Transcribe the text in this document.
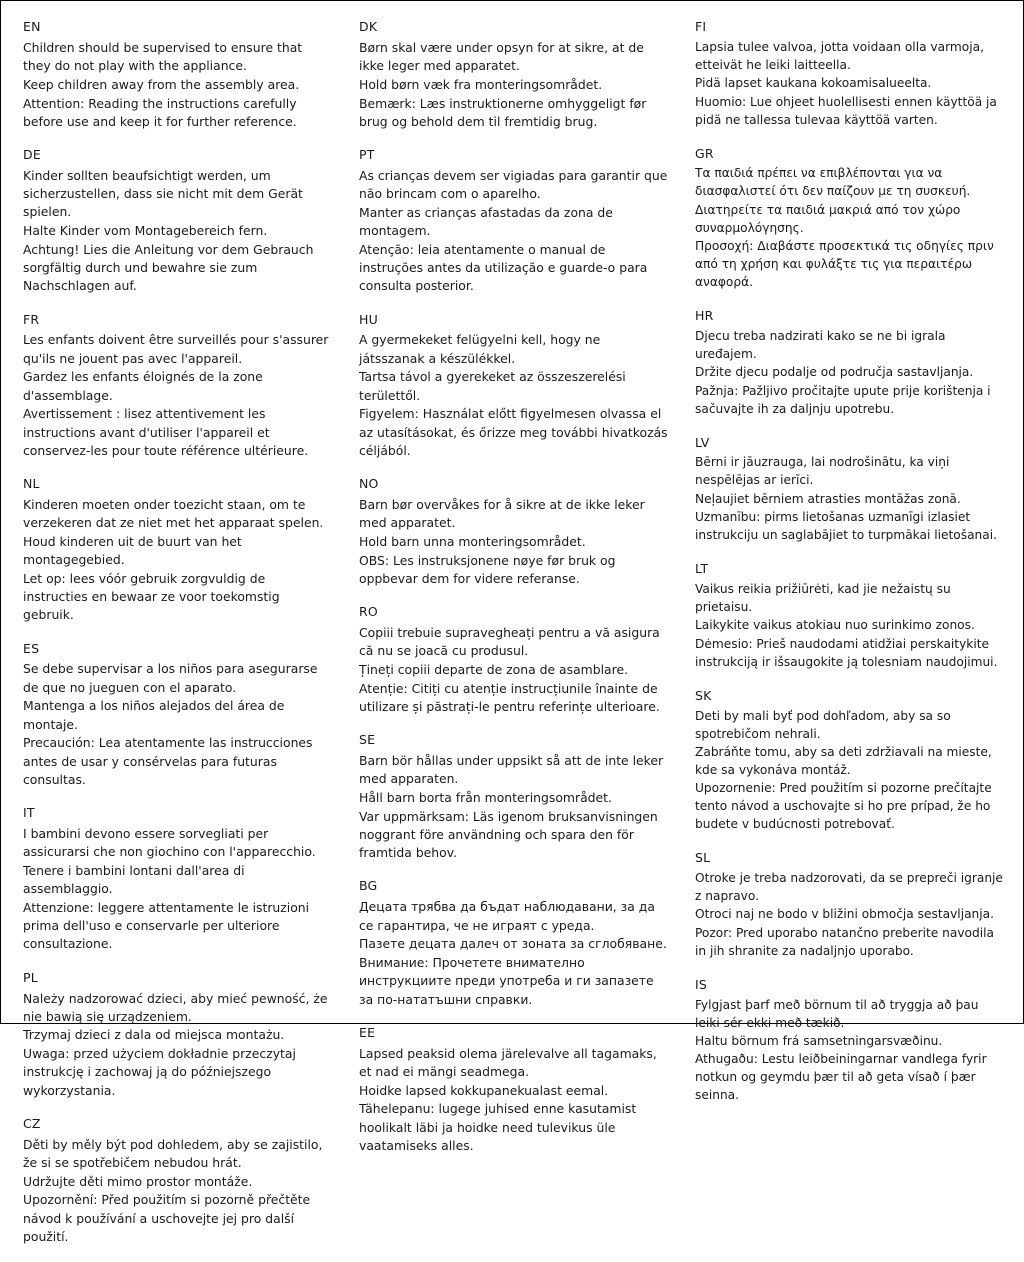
EN

Children should be supervised to ensure that they do not play with the appliance.

Keep children away from the assembly area.

Attention: Reading the instructions carefully before use and keep it for further reference.

DE

Kinder sollten beaufsichtigt werden, um sicherzustellen, dass sie nicht mit dem Gerät spielen.

Halte Kinder vom Montagebereich fern.

Achtung! Lies die Anleitung vor dem Gebrauch sorgfältig durch und bewahre sie zum Nachschlagen auf.

FR

Les enfants doivent être surveillés pour s'assurer qu'ils ne jouent pas avec l'appareil.

Gardez les enfants éloignés de la zone d'assemblage.

Avertissement : lisez attentivement les instructions avant d'utiliser l'appareil et conservez-les pour toute référence ultérieure.

NL

Kinderen moeten onder toezicht staan, om te verzekeren dat ze niet met het apparaat spelen.

Houd kinderen uit de buurt van het montagegebied.

Let op: lees vóór gebruik zorgvuldig de instructies en bewaar ze voor toekomstig gebruik.

ES

Se debe supervisar a los niños para asegurarse de que no jueguen con el aparato.

Mantenga a los niños alejados del área de montaje.

Precaución: Lea atentamente las instrucciones antes de usar y consérvelas para futuras consultas.

IT

I bambini devono essere sorvegliati per assicurarsi che non giochino con l'apparecchio.

Tenere i bambini lontani dall'area di assemblaggio.

Attenzione: leggere attentamente le istruzioni prima dell'uso e conservarle per ulteriore consultazione.

PL

Należy nadzorować dzieci, aby mieć pewność, że nie bawią się urządzeniem.

Trzymaj dzieci z dala od miejsca montażu.

Uwaga: przed użyciem dokładnie przeczytaj instrukcję i zachowaj ją do późniejszego wykorzystania.

CZ

Děti by měly být pod dohledem, aby se zajistilo, že si se spotřebičem nebudou hrát.

Udržujte děti mimo prostor montáže.

Upozornění: Před použitím si pozorně přečtěte návod k používání a uschovejte jej pro další použití.

DK

Børn skal være under opsyn for at sikre, at de ikke leger med apparatet.

Hold børn væk fra monteringsområdet.

Bemærk: Læs instruktionerne omhyggeligt før brug og behold dem til fremtidig brug.

PT

As crianças devem ser vigiadas para garantir que não brincam com o aparelho.

Manter as crianças afastadas da zona de montagem.

Atenção: leia atentamente o manual de instruções antes da utilização e guarde-o para consulta posterior.

HU

A gyermekeket felügyelni kell, hogy ne játsszanak a készülékkel.

Tartsa távol a gyerekeket az összeszerelési területtől.

Figyelem: Használat előtt figyelmesen olvassa el az utasításokat, és őrizze meg további hivatkozás céljából.

NO

Barn bør overvåkes for å sikre at de ikke leker med apparatet.

Hold barn unna monteringsområdet.

OBS: Les instruksjonene nøye før bruk og oppbevar dem for videre referanse.

RO

Copiii trebuie supravegheați pentru a vă asigura că nu se joacă cu produsul.

Țineți copiii departe de zona de asamblare.

Atenție: Citiți cu atenție instrucțiunile înainte de utilizare și păstrați-le pentru referințe ulterioare.

SE

Barn bör hållas under uppsikt så att de inte leker med apparaten.

Håll barn borta från monteringsområdet.

Var uppmärksam: Läs igenom bruksanvisningen noggrant före användning och spara den för framtida behov.

BG

Децата трябва да бъдат наблюдавани, за да се гарантира, че не играят с уреда.

Пазете децата далеч от зоната за сглобяване.

Внимание: Прочетете внимателно инструкциите преди употреба и ги запазете за по-нататъшни справки.

EE

Lapsed peaksid olema järelevalve all tagamaks, et nad ei mängi seadmega.

Hoidke lapsed kokkupanekualast eemal.

Tähelepanu: lugege juhised enne kasutamist hoolikalt läbi ja hoidke need tulevikus üle vaatamiseks alles.

FI

Lapsia tulee valvoa, jotta voidaan olla varmoja, etteivät he leiki laitteella.

Pidä lapset kaukana kokoamisalueelta.

Huomio: Lue ohjeet huolellisesti ennen käyttöä ja pidä ne tallessa tulevaa käyttöä varten.

GR

Τα παιδιά πρέπει να επιβλέπονται για να διασφαλιστεί ότι δεν παίζουν με τη συσκευή.

Διατηρείτε τα παιδιά μακριά από τον χώρο συναρμολόγησης.

Προσοχή: Διαβάστε προσεκτικά τις οδηγίες πριν από τη χρήση και φυλάξτε τις για περαιτέρω αναφορά.

HR

Djecu treba nadzirati kako se ne bi igrala uređajem.

Držite djecu podalje od područja sastavljanja.

Pažnja: Pažljivo pročitajte upute prije korištenja i sačuvajte ih za daljnju upotrebu.

LV

Bērni ir jāuzrauga, lai nodrošinātu, ka viņi nespēlējas ar ierīci.

Neļaujiet bērniem atrasties montāžas zonā.

Uzmanību: pirms lietošanas uzmanīgi izlasiet instrukciju un saglabājiet to turpmākai lietošanai.

LT

Vaikus reikia prižiūrėti, kad jie nežaistų su prietaisu.

Laikykite vaikus atokiau nuo surinkimo zonos.

Dėmesio: Prieš naudodami atidžiai perskaitykite instrukciją ir išsaugokite ją tolesniam naudojimui.

SK

Deti by mali byť pod dohľadom, aby sa so spotrebičom nehrali.

Zabráňte tomu, aby sa deti zdržiavali na mieste, kde sa vykonáva montáž.

Upozornenie: Pred použitím si pozorne prečítajte tento návod a uschovajte si ho pre prípad, že ho budete v budúcnosti potrebovať.

SL

Otroke je treba nadzorovati, da se prepreči igranje z napravo.

Otroci naj ne bodo v bližini območja sestavljanja.

Pozor: Pred uporabo natančno preberite navodila in jih shranite za nadaljnjo uporabo.

IS

Fylgjast þarf með börnum til að tryggja að þau leiki sér ekki með tækið.

Haltu börnum frá samsetningarsvæðinu.

Athugaðu: Lestu leiðbeiningarnar vandlega fyrir notkun og geymdu þær til að geta vísað í þær seinna.
